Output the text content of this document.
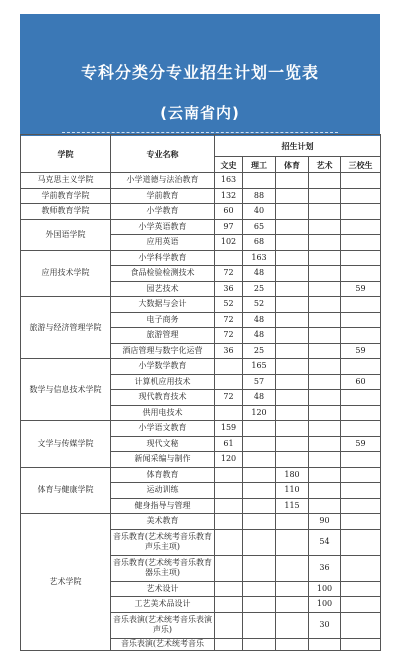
专科分类分专业招生计划一览表
(云南省内)
学院	专业名称	招生计划				
		文史	理工	体育	艺术	三校生
马克思主义学院	小学道德与法治教育	163				
学前教育学院	学前教育	132	88			
教师教育学院	小学教育	60	40			
外国语学院	小学英语教育	97	65			
	应用英语	102	68			
应用技术学院	小学科学教育		163			
	食品检验检测技术	72	48			
	园艺技术	36	25			59
旅游与经济管理学院	大数据与会计	52	52			
	电子商务	72	48			
	旅游管理	72	48			
	酒店管理与数字化运营	36	25			59
数学与信息技术学院	小学数学教育		165			
	计算机应用技术		57			60
	现代教育技术	72	48			
	供用电技术		120			
文学与传媒学院	小学语文教育	159				
	现代文秘	61				59
	新闻采编与制作	120				
体育与健康学院	体育教育			180		
	运动训练			110		
	健身指导与管理			115		
艺术学院	美术教育				90	
	音乐教育(艺术统考音乐教育声乐主项)				54	
	音乐教育(艺术统考音乐教育器乐主项)				36	
	艺术设计				100	
	工艺美术品设计				100	
	音乐表演(艺术统考音乐表演声乐)				30	
	音乐表演(艺术统考音乐					
